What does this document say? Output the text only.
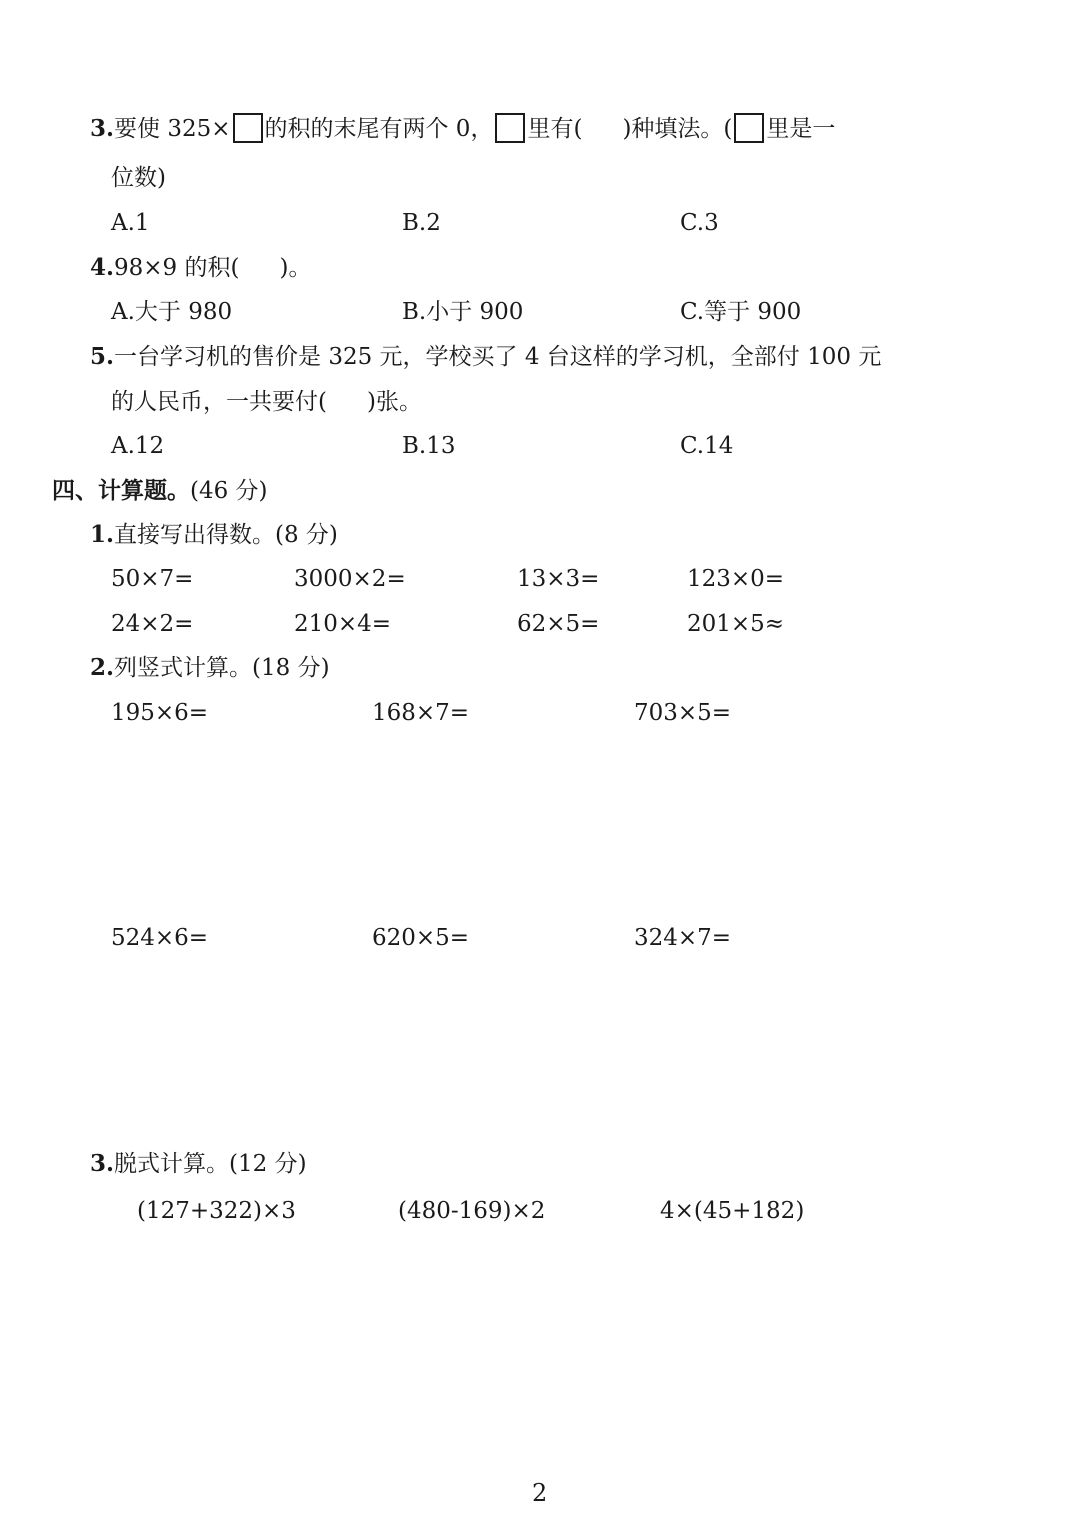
3.要使 325× 的积的末尾有两个 0， 里有( )种填法。( 里是一
位数)
A.1	B.2	C.3
4.98×9 的积( )。
A.大于 980	B.小于 900	C.等于 900
5.一台学习机的售价是 325 元，学校买了 4 台这样的学习机，全部付 100 元
的人民币，一共要付( )张。
A.12	B.13	C.14
四、计算题。(46 分)
1.直接写出得数。(8 分)
50×7=	3000×2=	13×3=	123×0=
24×2=	210×4=	62×5=	201×5≈
2.列竖式计算。(18 分)
195×6=	168×7=	703×5=
524×6=	620×5=	324×7=
3.脱式计算。(12 分)
(127+322)×3	(480-169)×2	4×(45+182)
2
